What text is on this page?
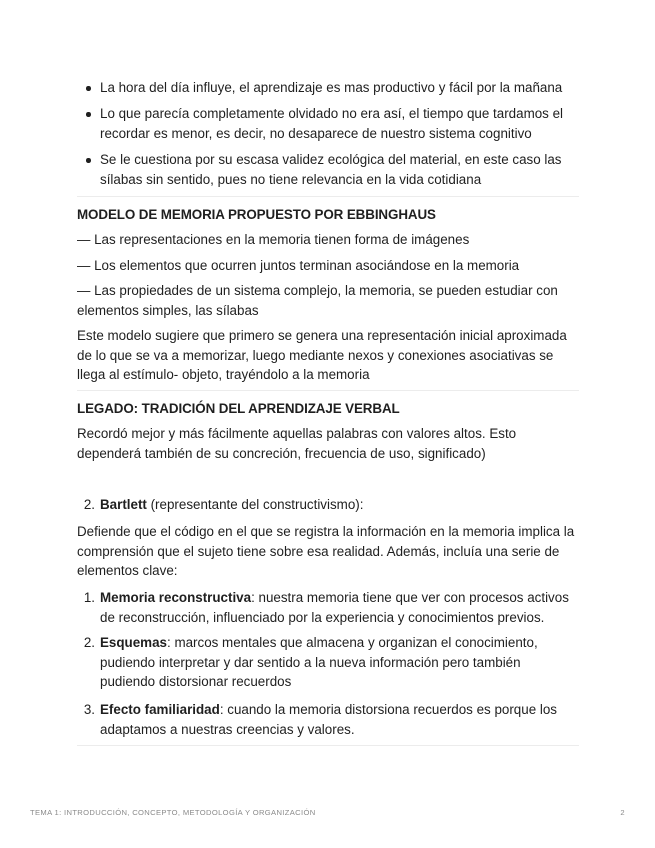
La hora del día influye, el aprendizaje es mas productivo y fácil por la mañana
Lo que parecía completamente olvidado no era así, el tiempo que tardamos el recordar es menor, es decir, no desaparece de nuestro sistema cognitivo
Se le cuestiona por su escasa validez ecológica del material, en este caso las sílabas sin sentido, pues no tiene relevancia en la vida cotidiana
MODELO DE MEMORIA PROPUESTO POR EBBINGHAUS
— Las representaciones en la memoria tienen forma de imágenes
— Los elementos que ocurren juntos terminan asociándose en la memoria
— Las propiedades de un sistema complejo, la memoria, se pueden estudiar con elementos simples, las sílabas
Este modelo sugiere que primero se genera una representación inicial aproximada de lo que se va a memorizar, luego mediante nexos y conexiones asociativas se llega al estímulo- objeto, trayéndolo a la memoria
LEGADO: TRADICIÓN DEL APRENDIZAJE VERBAL
Recordó mejor y más fácilmente aquellas palabras con valores altos. Esto dependerá también de su concreción, frecuencia de uso, significado)
2. Bartlett (representante del constructivismo):
Defiende que el código en el que se registra la información en la memoria implica la comprensión que el sujeto tiene sobre esa realidad. Además, incluía una serie de elementos clave:
1. Memoria reconstructiva: nuestra memoria tiene que ver con procesos activos de reconstrucción, influenciado por la experiencia y conocimientos previos.
2. Esquemas: marcos mentales que almacena y organizan el conocimiento, pudiendo interpretar y dar sentido a la nueva información pero también pudiendo distorsionar recuerdos
3. Efecto familiaridad: cuando la memoria distorsiona recuerdos es porque los adaptamos a nuestras creencias y valores.
TEMA 1: INTRODUCCIÓN, CONCEPTO, METODOLOGÍA Y ORGANIZACIÓN	2
